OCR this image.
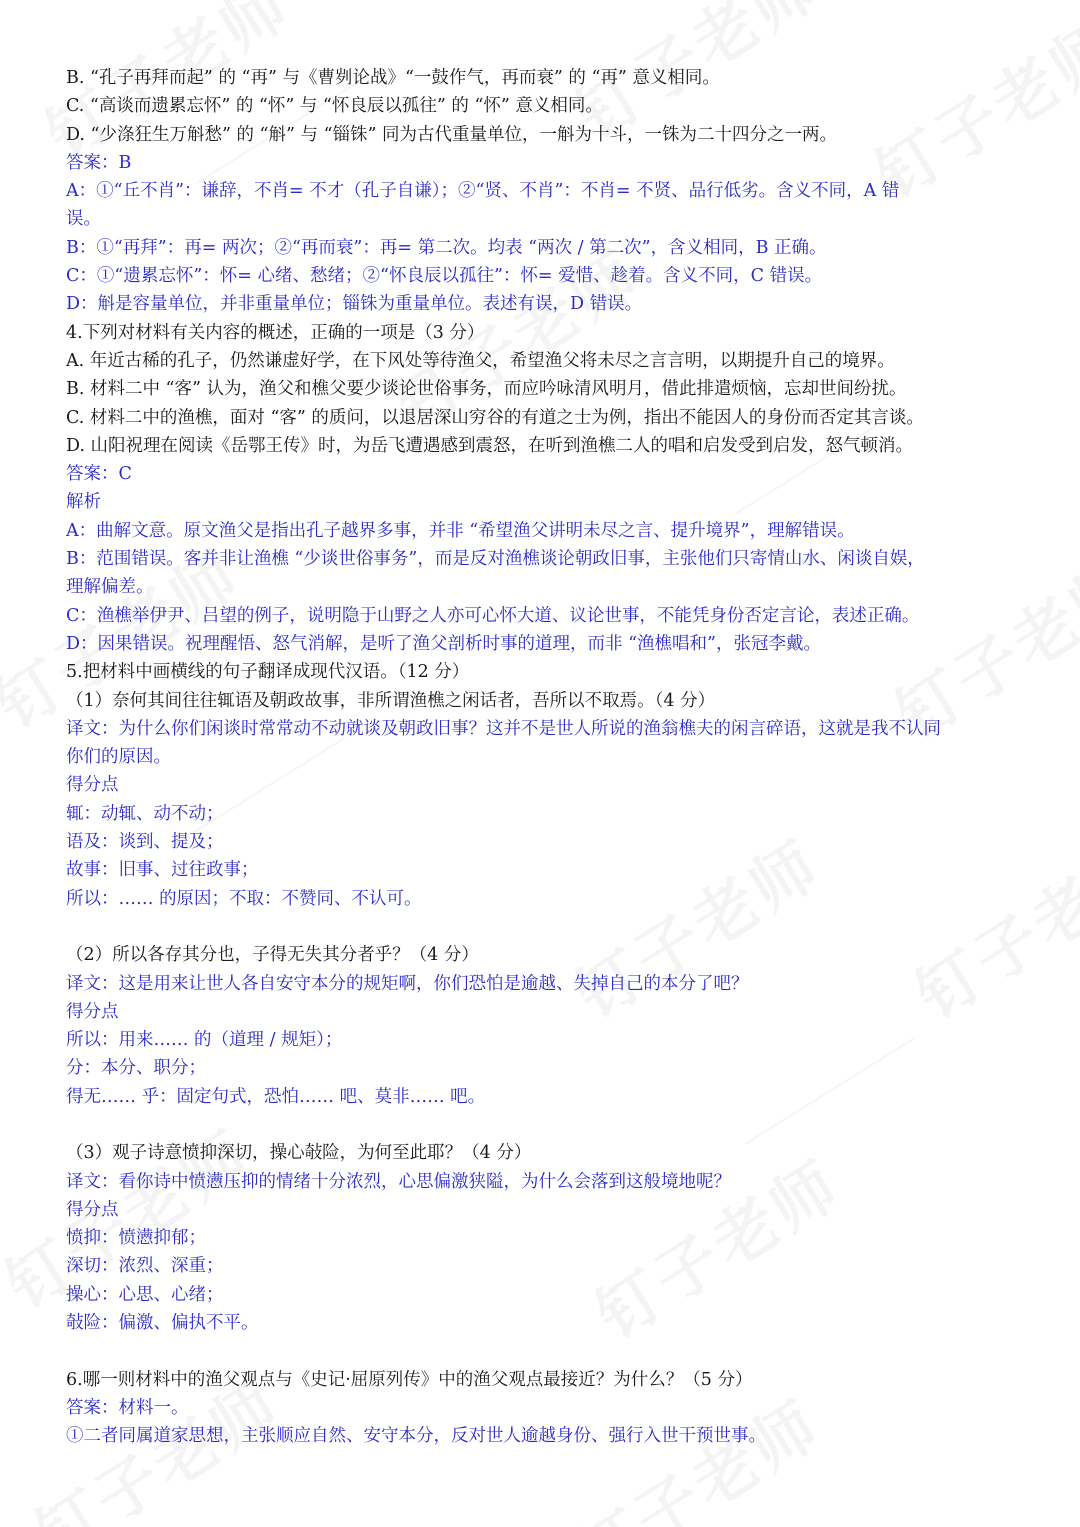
B. “孔子再拜而起” 的 “再” 与《曹刿论战》“一鼓作气，再而衰” 的 “再” 意义相同。
C. “高谈而遗累忘怀” 的 “怀” 与 “怀良辰以孤往” 的 “怀” 意义相同。
D. “少涤狂生万斛愁” 的 “斛” 与 “锱铢” 同为古代重量单位，一斛为十斗，一铢为二十四分之一两。
答案：B
A：①“丘不肖”：谦辞，不肖= 不才（孔子自谦）；②“贤、不肖”：不肖= 不贤、品行低劣。含义不同，A 错
误。
B：①“再拜”：再= 两次；②“再而衰”：再= 第二次。均表 “两次 / 第二次”，含义相同，B 正确。
C：①“遗累忘怀”：怀= 心绪、愁绪；②“怀良辰以孤往”：怀= 爱惜、趁着。含义不同，C 错误。
D：斛是容量单位，并非重量单位；锱铢为重量单位。表述有误，D 错误。
4.下列对材料有关内容的概述，正确的一项是（3 分）
A. 年近古稀的孔子，仍然谦虚好学，在下风处等待渔父，希望渔父将未尽之言言明，以期提升自己的境界。
B. 材料二中 “客” 认为，渔父和樵父要少谈论世俗事务，而应吟咏清风明月，借此排遣烦恼，忘却世间纷扰。
C. 材料二中的渔樵，面对 “客” 的质问，以退居深山穷谷的有道之士为例，指出不能因人的身份而否定其言谈。
D. 山阳祝理在阅读《岳鄂王传》时，为岳飞遭遇感到震怒，在听到渔樵二人的唱和启发受到启发，怒气顿消。
答案：C
解析
A：曲解文意。原文渔父是指出孔子越界多事，并非 “希望渔父讲明未尽之言、提升境界”，理解错误。
B：范围错误。客并非让渔樵 “少谈世俗事务”，而是反对渔樵谈论朝政旧事，主张他们只寄情山水、闲谈自娱，
理解偏差。
C：渔樵举伊尹、吕望的例子，说明隐于山野之人亦可心怀大道、议论世事，不能凭身份否定言论，表述正确。
D：因果错误。祝理醒悟、怒气消解，是听了渔父剖析时事的道理，而非 “渔樵唱和”，张冠李戴。
5.把材料中画横线的句子翻译成现代汉语。（12 分）
（1）奈何其间往往辄语及朝政故事，非所谓渔樵之闲话者，吾所以不取焉。（4 分）
译文：为什么你们闲谈时常常动不动就谈及朝政旧事？这并不是世人所说的渔翁樵夫的闲言碎语，这就是我不认同
你们的原因。
得分点
辄：动辄、动不动；
语及：谈到、提及；
故事：旧事、过往政事；
所以：…… 的原因；不取：不赞同、不认可。
（2）所以各存其分也，子得无失其分者乎？（4 分）
译文：这是用来让世人各自安守本分的规矩啊，你们恐怕是逾越、失掉自己的本分了吧？
得分点
所以：用来…… 的（道理 / 规矩）；
分：本分、职分；
得无…… 乎：固定句式，恐怕…… 吧、莫非…… 吧。
（3）观子诗意愤抑深切，操心敧险，为何至此耶？（4 分）
译文：看你诗中愤懑压抑的情绪十分浓烈，心思偏激狭隘，为什么会落到这般境地呢？
得分点
愤抑：愤懑抑郁；
深切：浓烈、深重；
操心：心思、心绪；
敧险：偏激、偏执不平。
6.哪一则材料中的渔父观点与《史记·屈原列传》中的渔父观点最接近？为什么？（5 分）
答案：材料一。
①二者同属道家思想，主张顺应自然、安守本分，反对世人逾越身份、强行入世干预世事。
